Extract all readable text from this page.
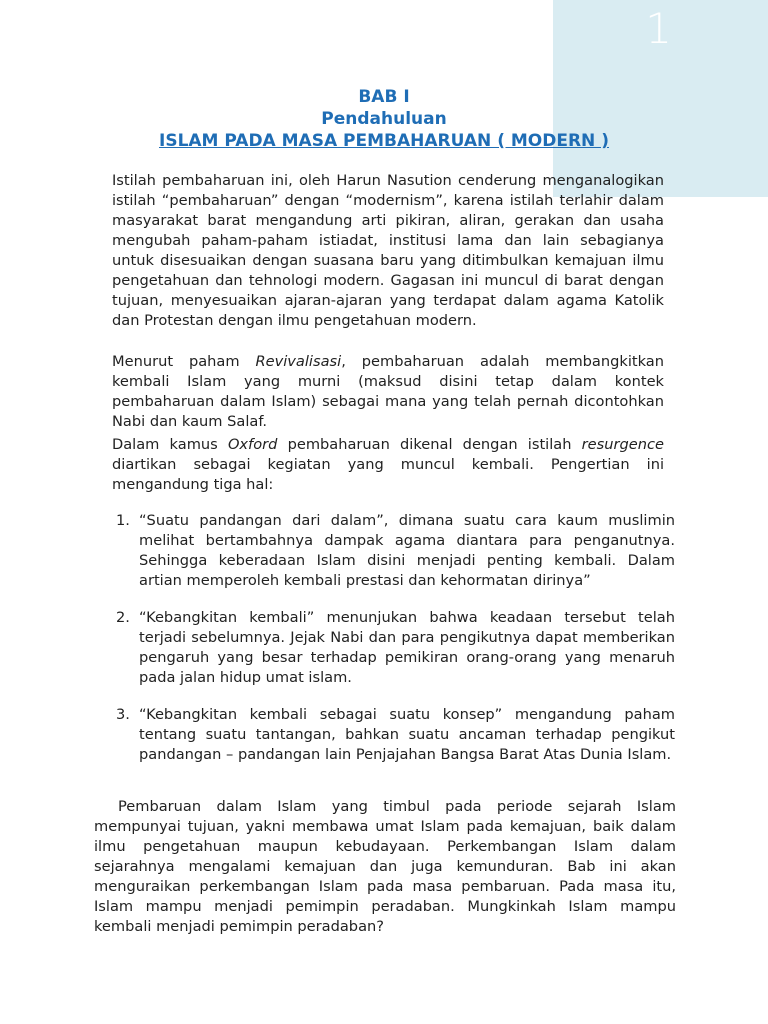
1
BAB I
Pendahuluan
ISLAM PADA MASA PEMBAHARUAN ( MODERN )
Istilah pembaharuan ini, oleh Harun Nasution cenderung menganalogikan istilah “pembaharuan” dengan “modernism”, karena istilah terlahir dalam masyarakat barat mengandung arti pikiran, aliran, gerakan dan usaha mengubah paham-paham istiadat, institusi lama dan lain sebagianya untuk disesuaikan dengan suasana baru yang ditimbulkan kemajuan ilmu pengetahuan dan tehnologi modern. Gagasan ini muncul di barat dengan tujuan, menyesuaikan ajaran-ajaran yang terdapat dalam agama Katolik dan Protestan dengan ilmu pengetahuan modern.
Menurut paham Revivalisasi, pembaharuan adalah membangkitkan kembali Islam yang murni (maksud disini tetap dalam kontek pembaharuan dalam Islam) sebagai mana yang telah pernah dicontohkan Nabi dan kaum Salaf.
Dalam kamus Oxford pembaharuan dikenal dengan istilah resurgence diartikan sebagai kegiatan yang muncul kembali. Pengertian ini mengandung tiga hal:
1. “Suatu pandangan dari dalam”, dimana suatu cara kaum muslimin melihat bertambahnya dampak agama diantara para penganutnya. Sehingga keberadaan Islam disini menjadi penting kembali. Dalam artian memperoleh kembali prestasi dan kehormatan dirinya”
2. “Kebangkitan kembali” menunjukan bahwa keadaan tersebut telah terjadi sebelumnya. Jejak Nabi dan para pengikutnya dapat memberikan pengaruh yang besar terhadap pemikiran orang-orang yang menaruh pada jalan hidup umat islam.
3. “Kebangkitan kembali sebagai suatu konsep” mengandung paham tentang suatu tantangan, bahkan suatu ancaman terhadap pengikut pandangan – pandangan lain Penjajahan Bangsa Barat Atas Dunia Islam.
Pembaruan dalam Islam yang timbul pada periode sejarah Islam mempunyai tujuan, yakni membawa umat Islam pada kemajuan, baik dalam ilmu pengetahuan maupun kebudayaan. Perkembangan Islam dalam sejarahnya mengalami kemajuan dan juga kemunduran. Bab ini akan menguraikan perkembangan Islam pada masa pembaruan. Pada masa itu, Islam mampu menjadi pemimpin peradaban. Mungkinkah Islam mampu kembali menjadi pemimpin peradaban?
